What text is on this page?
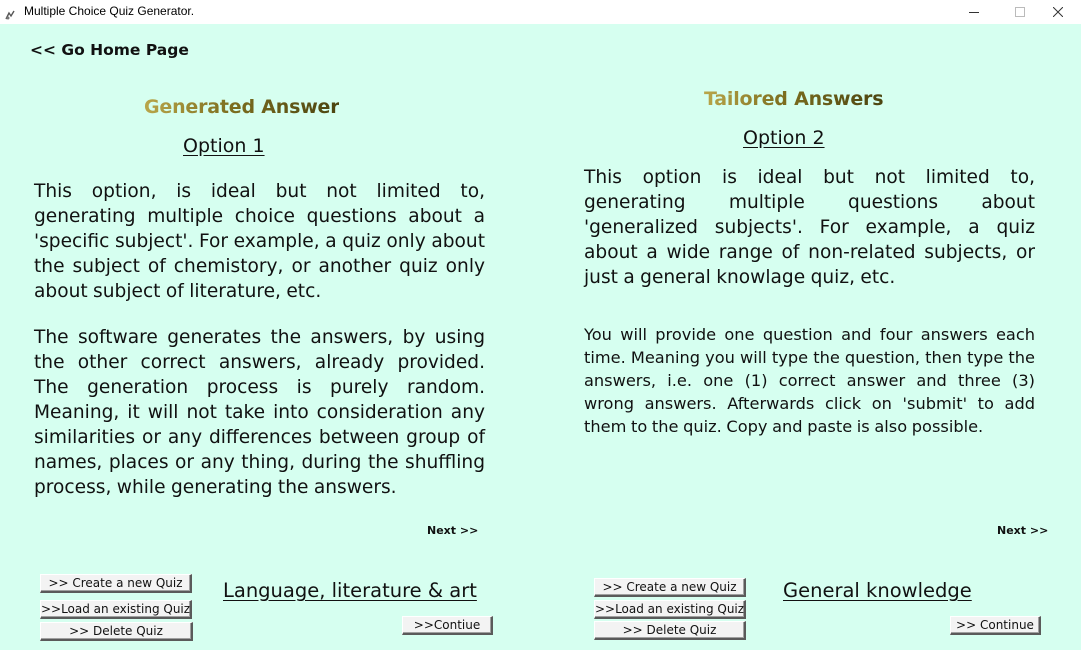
Multiple Choice Quiz Generator.
<< Go Home Page
Generated Answer
Option 1

This option, is ideal but not limited to, generating multiple choice questions about a 'specific subject'. For example, a quiz only about the subject of chemistory, or another quiz only about subject of literature, etc.

The software generates the answers, by using the other correct answers, already provided. The generation process is purely random. Meaning, it will not take into consideration any similarities or any differences between group of names, places or any thing, during the shuffling process, while generating the answers.

Next >>
>> Create a new Quiz
>>Load an existing Quiz
>> Delete Quiz
Language, literature & art
>>Contiue
Tailored Answers
Option 2

This option is ideal but not limited to, generating multiple questions about 'generalized subjects'. For example, a quiz about a wide range of non-related subjects, or just a general knowlage quiz, etc.

You will provide one question and four answers each time. Meaning you will type the question, then type the answers, i.e. one (1) correct answer and three (3) wrong answers. Afterwards click on 'submit' to add them to the quiz. Copy and paste is also possible.

Next >>
>> Create a new Quiz
>>Load an existing Quiz
>> Delete Quiz
General knowledge
>> Continue
